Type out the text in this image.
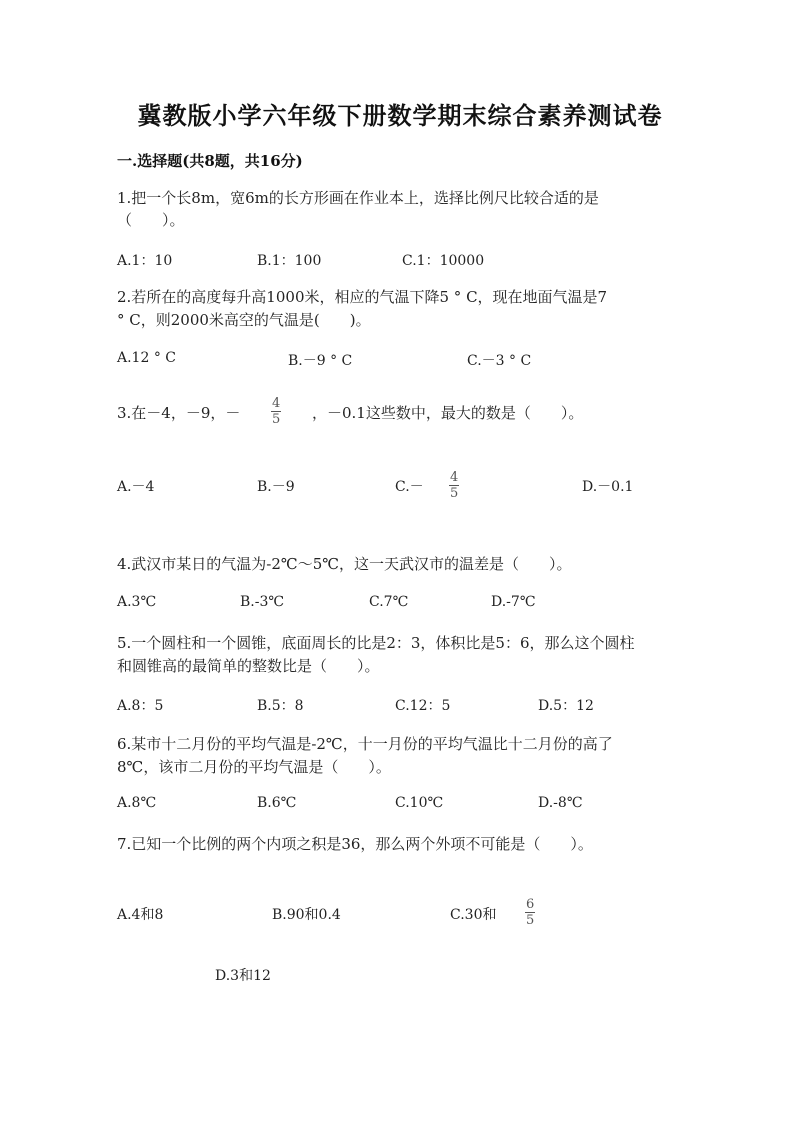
冀教版小学六年级下册数学期末综合素养测试卷
一.选择题(共8题，共16分)
1.把一个长8m，宽6m的长方形画在作业本上，选择比例尺比较合适的是
（　　）。
A.1：10	B.1：100	C.1：10000
2.若所在的高度每升高1000米，相应的气温下降5 ° C，现在地面气温是7
° C，则2000米高空的气温是(　　)。
A.12 ° C	B.－9 ° C	C.－3 ° C
3.在－4，－9，－ $\frac{4}{5}$ ，－0.1这些数中，最大的数是（　　）。
A.－4	B.－9	$C.- \frac{4}{5}$	D.－0.1
4.武汉市某日的气温为-2℃～5℃，这一天武汉市的温差是（　　）。
A.3℃	B.-3℃	C.7℃	D.-7℃
5.一个圆柱和一个圆锥，底面周长的比是2：3，体积比是5：6，那么这个圆柱
和圆锥高的最简单的整数比是（　　）。
A.8：5	B.5：8	C.12：5	D.5：12
6.某市十二月份的平均气温是-2℃，十一月份的平均气温比十二月份的高了
8℃，该市二月份的平均气温是（　　）。
A.8℃	B.6℃	C.10℃	D.-8℃
7.已知一个比例的两个内项之积是36，那么两个外项不可能是（　　）。
A.4和8	B.90和0.4	C.30和 $\frac{6}{5}$
D.3和12
